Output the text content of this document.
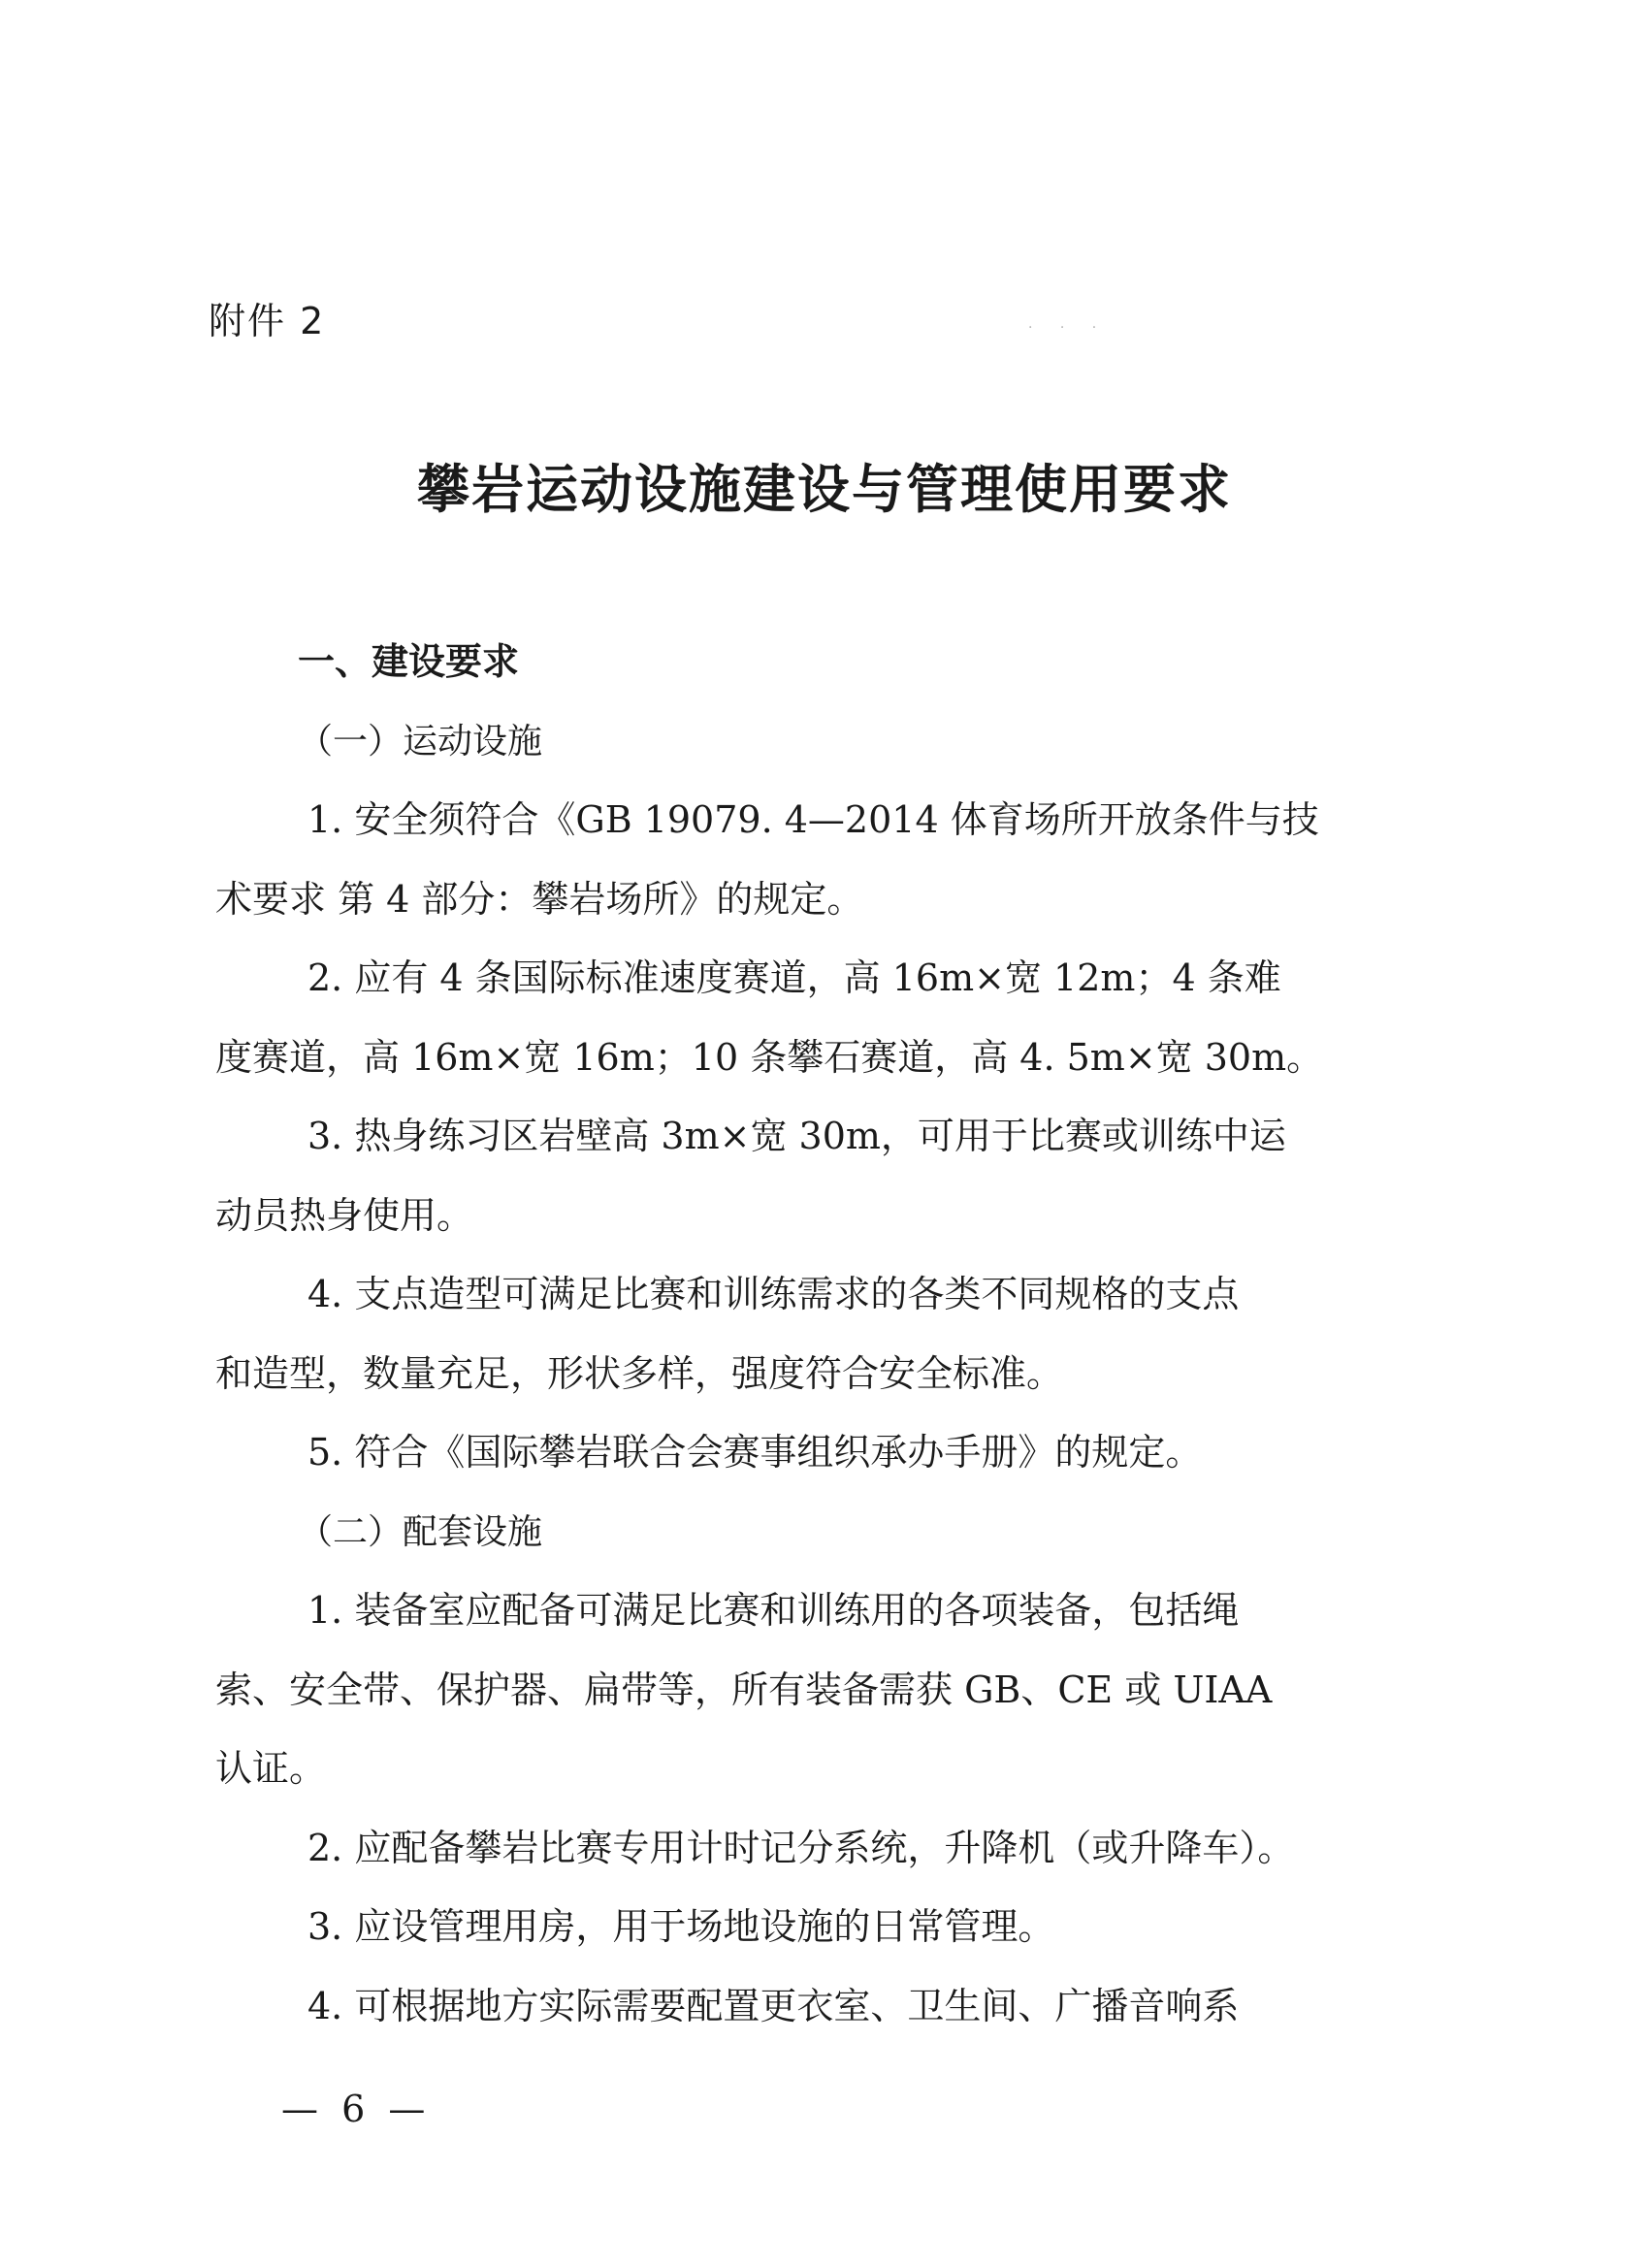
· · ·
附件 2
攀岩运动设施建设与管理使用要求
一、建设要求
（一）运动设施
1. 安全须符合《GB 19079. 4—2014 体育场所开放条件与技
术要求 第 4 部分：攀岩场所》的规定。
2. 应有 4 条国际标准速度赛道，高 16m×宽 12m；4 条难
度赛道，高 16m×宽 16m；10 条攀石赛道，高 4. 5m×宽 30m。
3. 热身练习区岩壁高 3m×宽 30m，可用于比赛或训练中运
动员热身使用。
4. 支点造型可满足比赛和训练需求的各类不同规格的支点
和造型，数量充足，形状多样，强度符合安全标准。
5. 符合《国际攀岩联合会赛事组织承办手册》的规定。
（二）配套设施
1. 装备室应配备可满足比赛和训练用的各项装备，包括绳
索、安全带、保护器、扁带等，所有装备需获 GB、CE 或 UIAA
认证。
2. 应配备攀岩比赛专用计时记分系统，升降机（或升降车）。
3. 应设管理用房，用于场地设施的日常管理。
4. 可根据地方实际需要配置更衣室、卫生间、广播音响系
— 6 —
